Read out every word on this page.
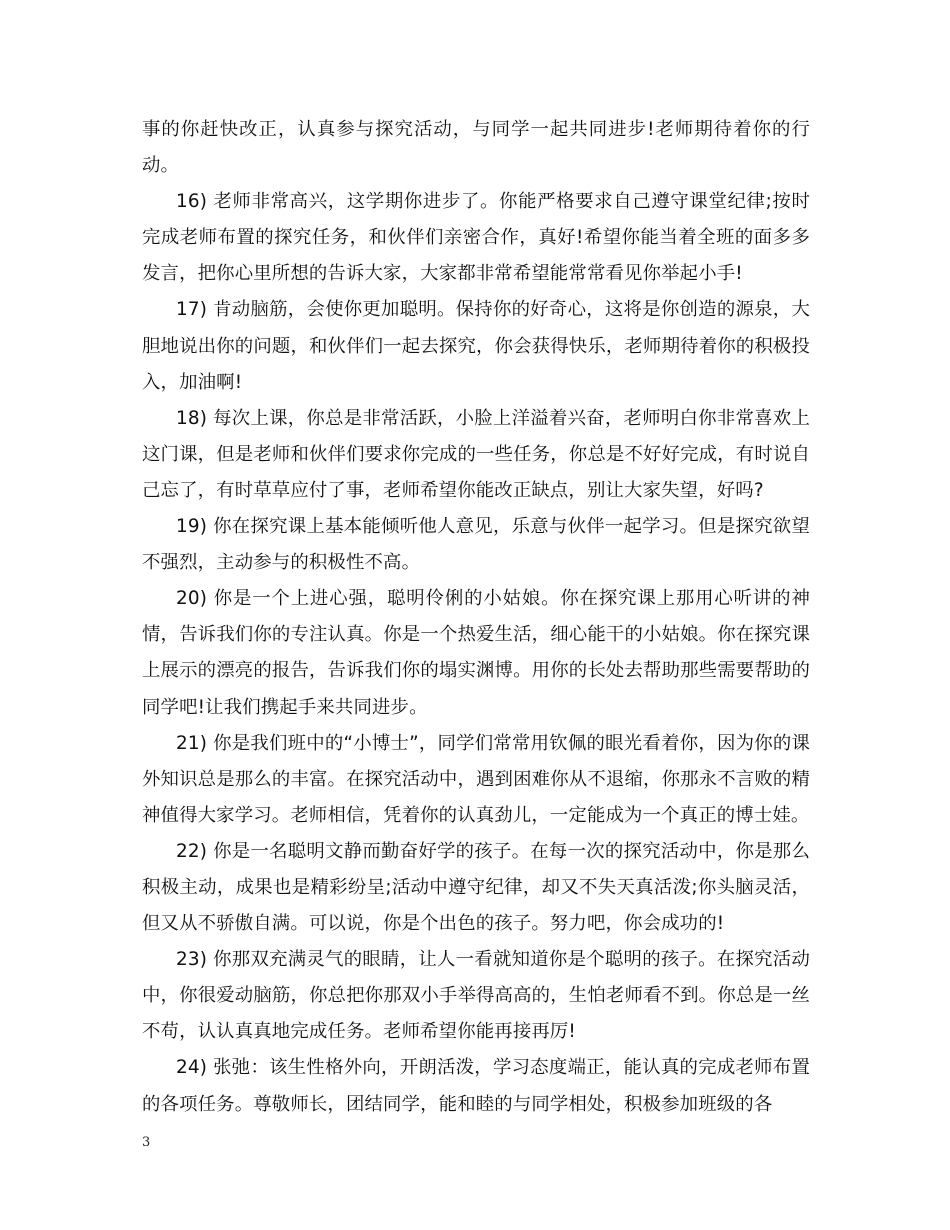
事的你赶快改正，认真参与探究活动，与同学一起共同进步!老师期待着你的行动。

16) 老师非常高兴，这学期你进步了。你能严格要求自己遵守课堂纪律;按时完成老师布置的探究任务，和伙伴们亲密合作，真好!希望你能当着全班的面多多发言，把你心里所想的告诉大家，大家都非常希望能常常看见你举起小手!

17) 肯动脑筋，会使你更加聪明。保持你的好奇心，这将是你创造的源泉，大胆地说出你的问题，和伙伴们一起去探究，你会获得快乐，老师期待着你的积极投入，加油啊!

18) 每次上课，你总是非常活跃，小脸上洋溢着兴奋，老师明白你非常喜欢上这门课，但是老师和伙伴们要求你完成的一些任务，你总是不好好完成，有时说自己忘了，有时草草应付了事，老师希望你能改正缺点，别让大家失望，好吗?

19) 你在探究课上基本能倾听他人意见，乐意与伙伴一起学习。但是探究欲望不强烈，主动参与的积极性不高。

20) 你是一个上进心强，聪明伶俐的小姑娘。你在探究课上那用心听讲的神情，告诉我们你的专注认真。你是一个热爱生活，细心能干的小姑娘。你在探究课上展示的漂亮的报告，告诉我们你的塌实渊博。用你的长处去帮助那些需要帮助的同学吧!让我们携起手来共同进步。

21) 你是我们班中的“小博士”，同学们常常用钦佩的眼光看着你，因为你的课外知识总是那么的丰富。在探究活动中，遇到困难你从不退缩，你那永不言败的精神值得大家学习。老师相信，凭着你的认真劲儿，一定能成为一个真正的博士娃。

22) 你是一名聪明文静而勤奋好学的孩子。在每一次的探究活动中，你是那么积极主动，成果也是精彩纷呈;活动中遵守纪律，却又不失天真活泼;你头脑灵活，但又从不骄傲自满。可以说，你是个出色的孩子。努力吧，你会成功的!

23) 你那双充满灵气的眼睛，让人一看就知道你是个聪明的孩子。在探究活动中，你很爱动脑筋，你总把你那双小手举得高高的，生怕老师看不到。你总是一丝不苟，认认真真地完成任务。老师希望你能再接再厉!

24) 张弛：该生性格外向，开朗活泼，学习态度端正，能认真的完成老师布置的各项任务。尊敬师长，团结同学，能和睦的与同学相处，积极参加班级的各

3
